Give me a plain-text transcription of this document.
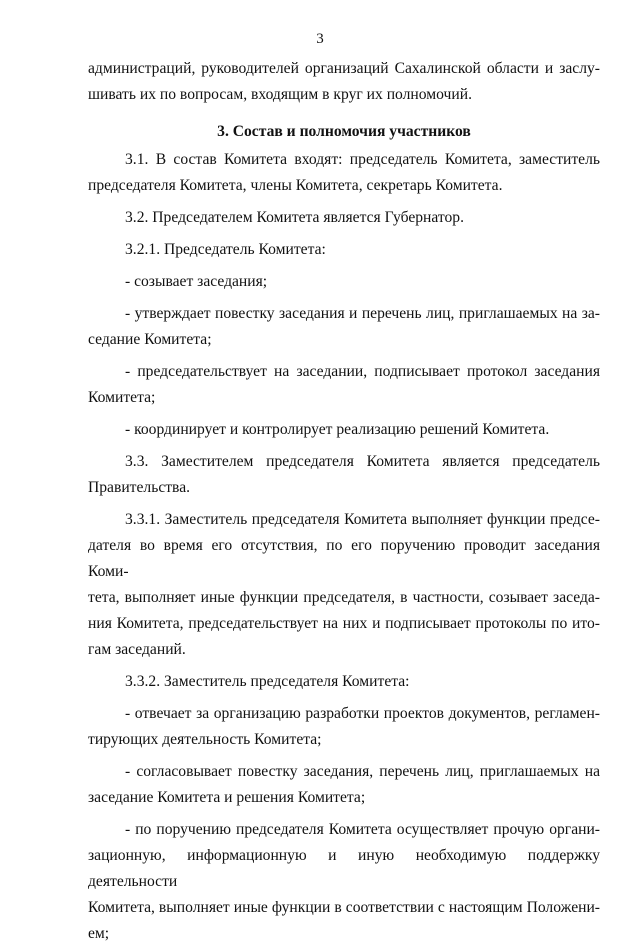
3

администраций, руководителей организаций Сахалинской области и заслу-
шивать их по вопросам, входящим в круг их полномочий.

3. Состав и полномочия участников

3.1. В состав Комитета входят: председатель Комитета, заместитель
председателя Комитета, члены Комитета, секретарь Комитета.

3.2. Председателем Комитета является Губернатор.

3.2.1. Председатель Комитета:

- созывает заседания;

- утверждает повестку заседания и перечень лиц, приглашаемых на за-
седание Комитета;

- председательствует на заседании, подписывает протокол заседания
Комитета;

- координирует и контролирует реализацию решений Комитета.

3.3. Заместителем председателя Комитета является председатель
Правительства.

3.3.1. Заместитель председателя Комитета выполняет функции предсе-
дателя во время его отсутствия, по его поручению проводит заседания Коми-
тета, выполняет иные функции председателя, в частности, созывает заседа-
ния Комитета, председательствует на них и подписывает протоколы по ито-
гам заседаний.

3.3.2. Заместитель председателя Комитета:

- отвечает за организацию разработки проектов документов, регламен-
тирующих деятельность Комитета;

- согласовывает повестку заседания, перечень лиц, приглашаемых на
заседание Комитета и решения Комитета;

- по поручению председателя Комитета осуществляет прочую органи-
зационную, информационную и иную необходимую поддержку деятельности
Комитета, выполняет иные функции в соответствии с настоящим Положени-
ем;
